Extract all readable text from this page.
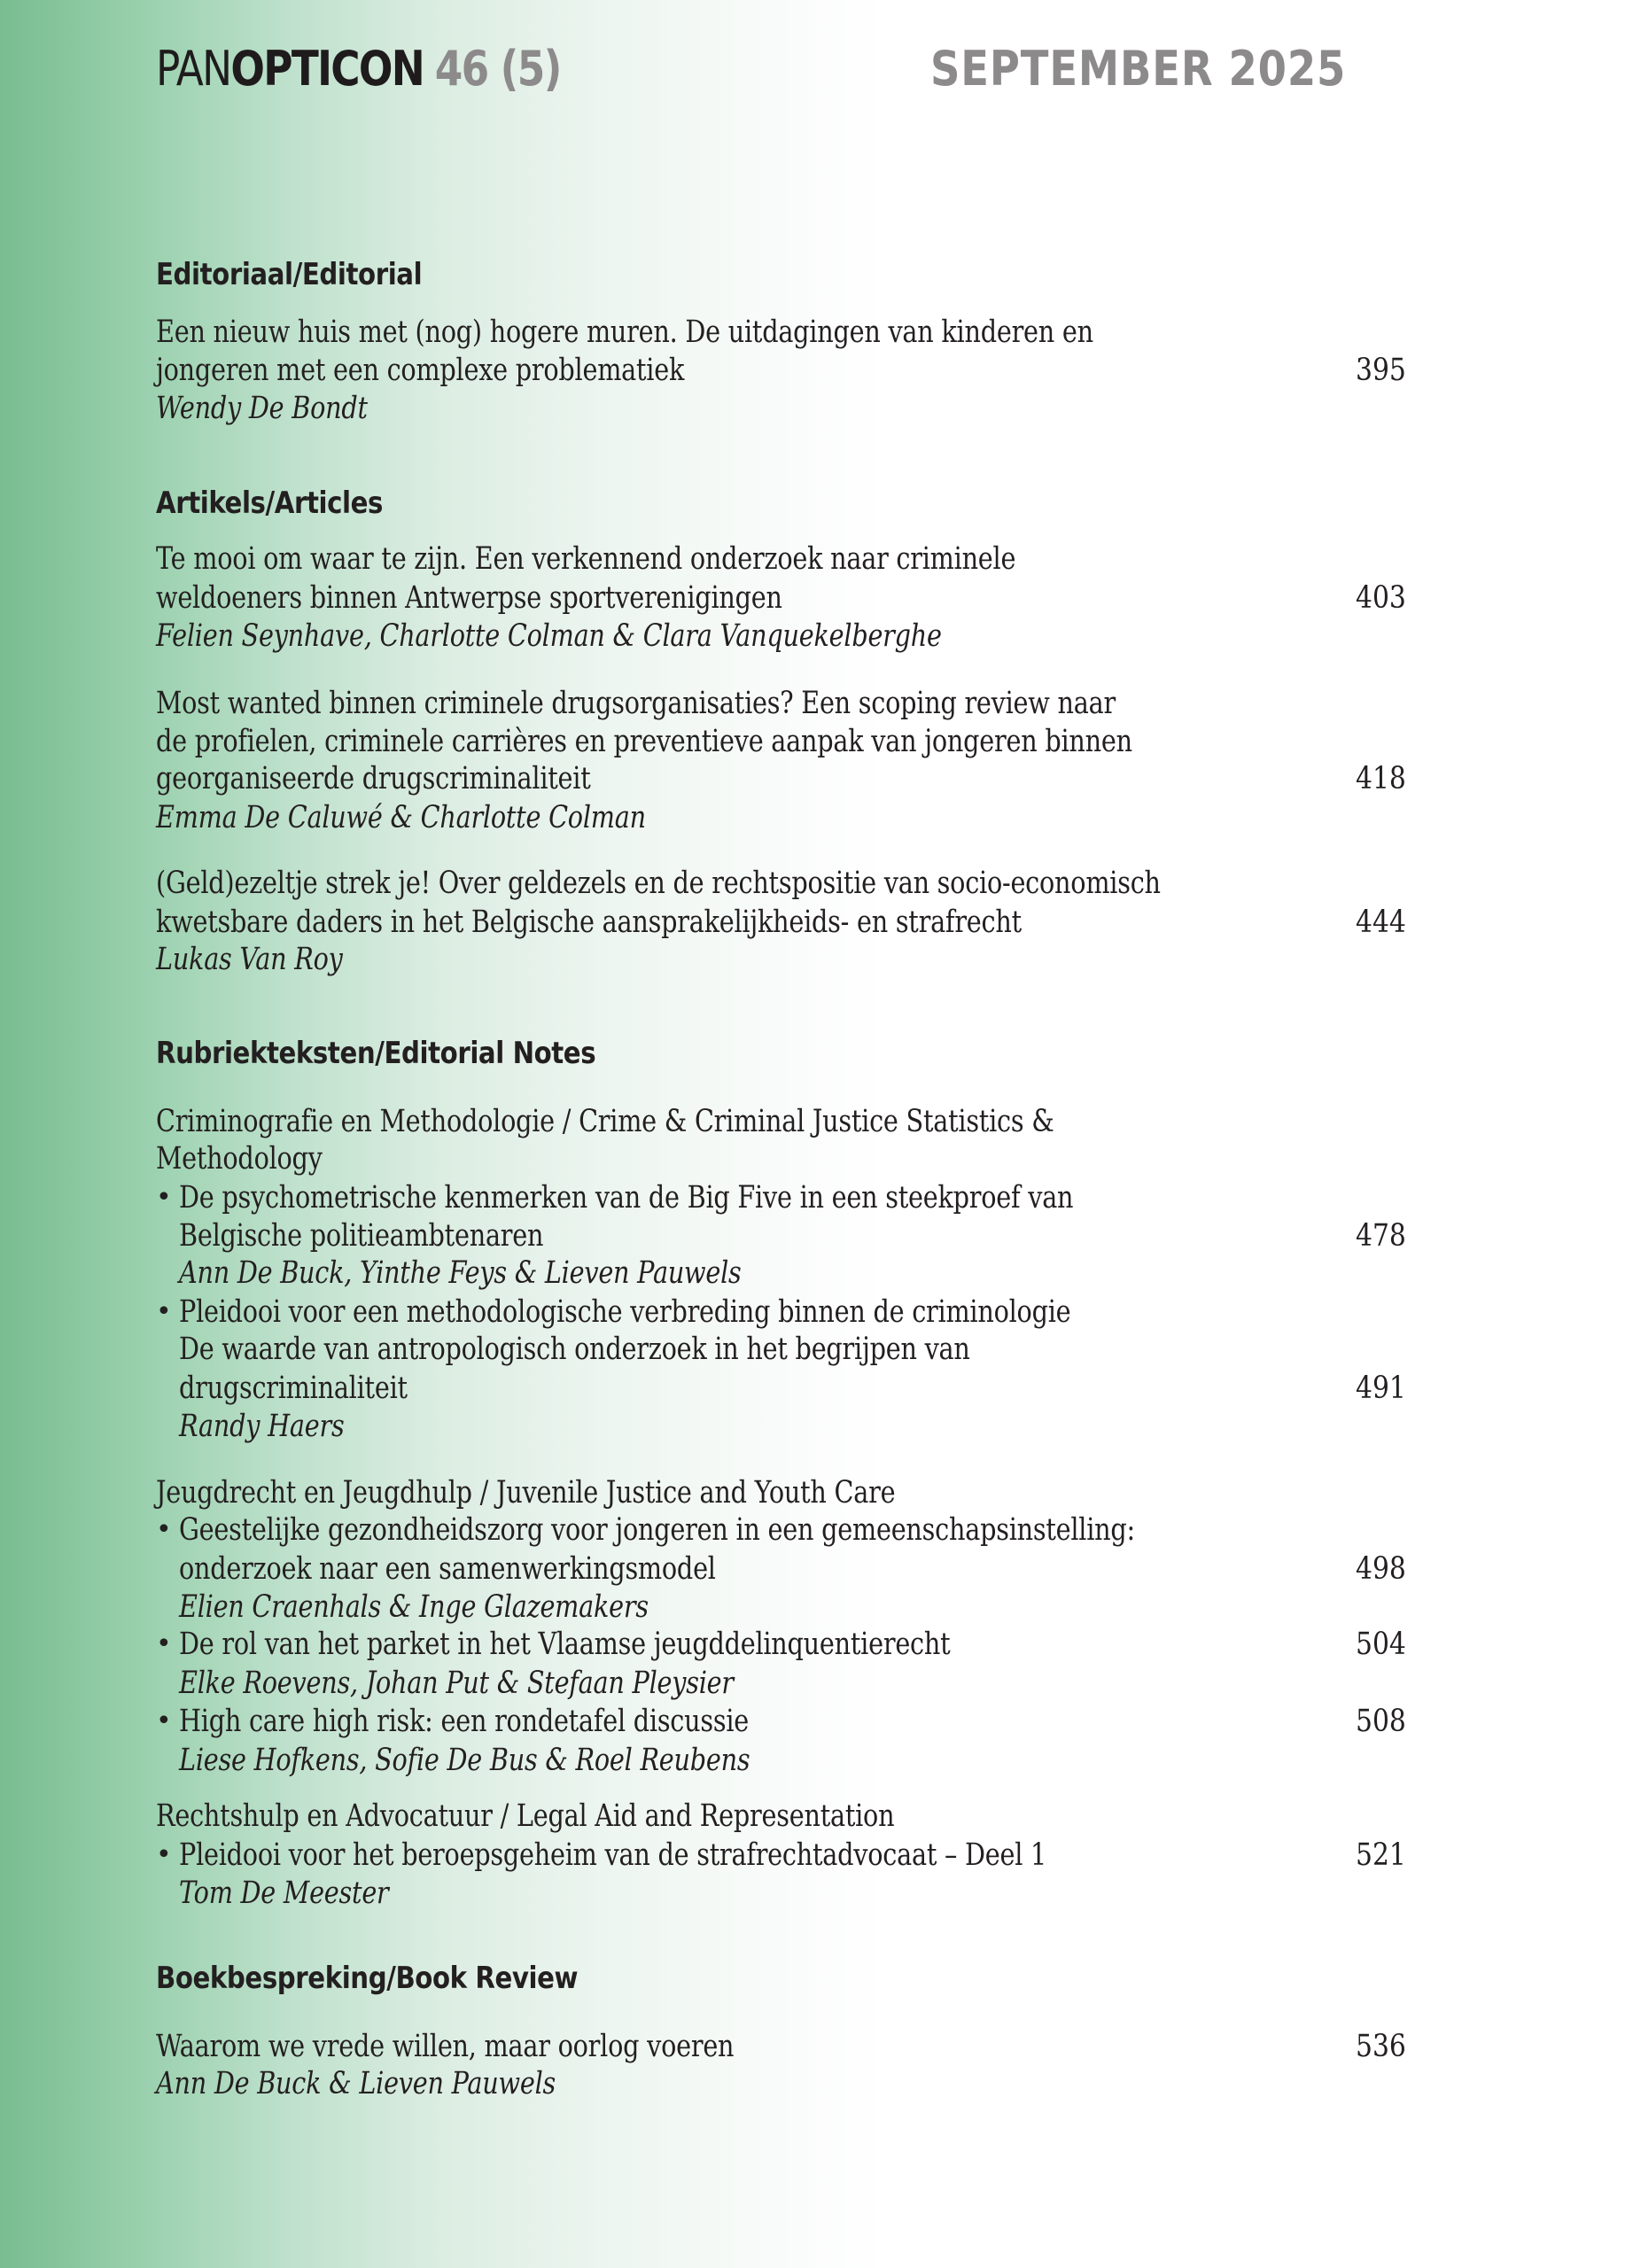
PANOPTICON 46 (5)	SEPTEMBER 2025
Editoriaal/Editorial
Een nieuw huis met (nog) hogere muren. De uitdagingen van kinderen en
jongeren met een complexe problematiek	395
Wendy De Bondt
Artikels/Articles
Te mooi om waar te zijn. Een verkennend onderzoek naar criminele
weldoeners binnen Antwerpse sportverenigingen	403
Felien Seynhave, Charlotte Colman & Clara Vanquekelberghe
Most wanted binnen criminele drugsorganisaties? Een scoping review naar
de profielen, criminele carrières en preventieve aanpak van jongeren binnen
georganiseerde drugscriminaliteit	418
Emma De Caluwé & Charlotte Colman
(Geld)ezeltje strek je! Over geldezels en de rechtspositie van socio-economisch
kwetsbare daders in het Belgische aansprakelijkheids- en strafrecht	444
Lukas Van Roy
Rubriekteksten/Editorial Notes
Criminografie en Methodologie / Crime & Criminal Justice Statistics &
Methodology
• De psychometrische kenmerken van de Big Five in een steekproef van
Belgische politieambtenaren	478
Ann De Buck, Yinthe Feys & Lieven Pauwels
• Pleidooi voor een methodologische verbreding binnen de criminologie
De waarde van antropologisch onderzoek in het begrijpen van
drugscriminaliteit	491
Randy Haers
Jeugdrecht en Jeugdhulp / Juvenile Justice and Youth Care
• Geestelijke gezondheidszorg voor jongeren in een gemeenschapsinstelling:
onderzoek naar een samenwerkingsmodel	498
Elien Craenhals & Inge Glazemakers
• De rol van het parket in het Vlaamse jeugddelinquentierecht	504
Elke Roevens, Johan Put & Stefaan Pleysier
• High care high risk: een rondetafel discussie	508
Liese Hofkens, Sofie De Bus & Roel Reubens
Rechtshulp en Advocatuur / Legal Aid and Representation
• Pleidooi voor het beroepsgeheim van de strafrechtadvocaat – Deel 1	521
Tom De Meester
Boekbespreking/Book Review
Waarom we vrede willen, maar oorlog voeren	536
Ann De Buck & Lieven Pauwels
